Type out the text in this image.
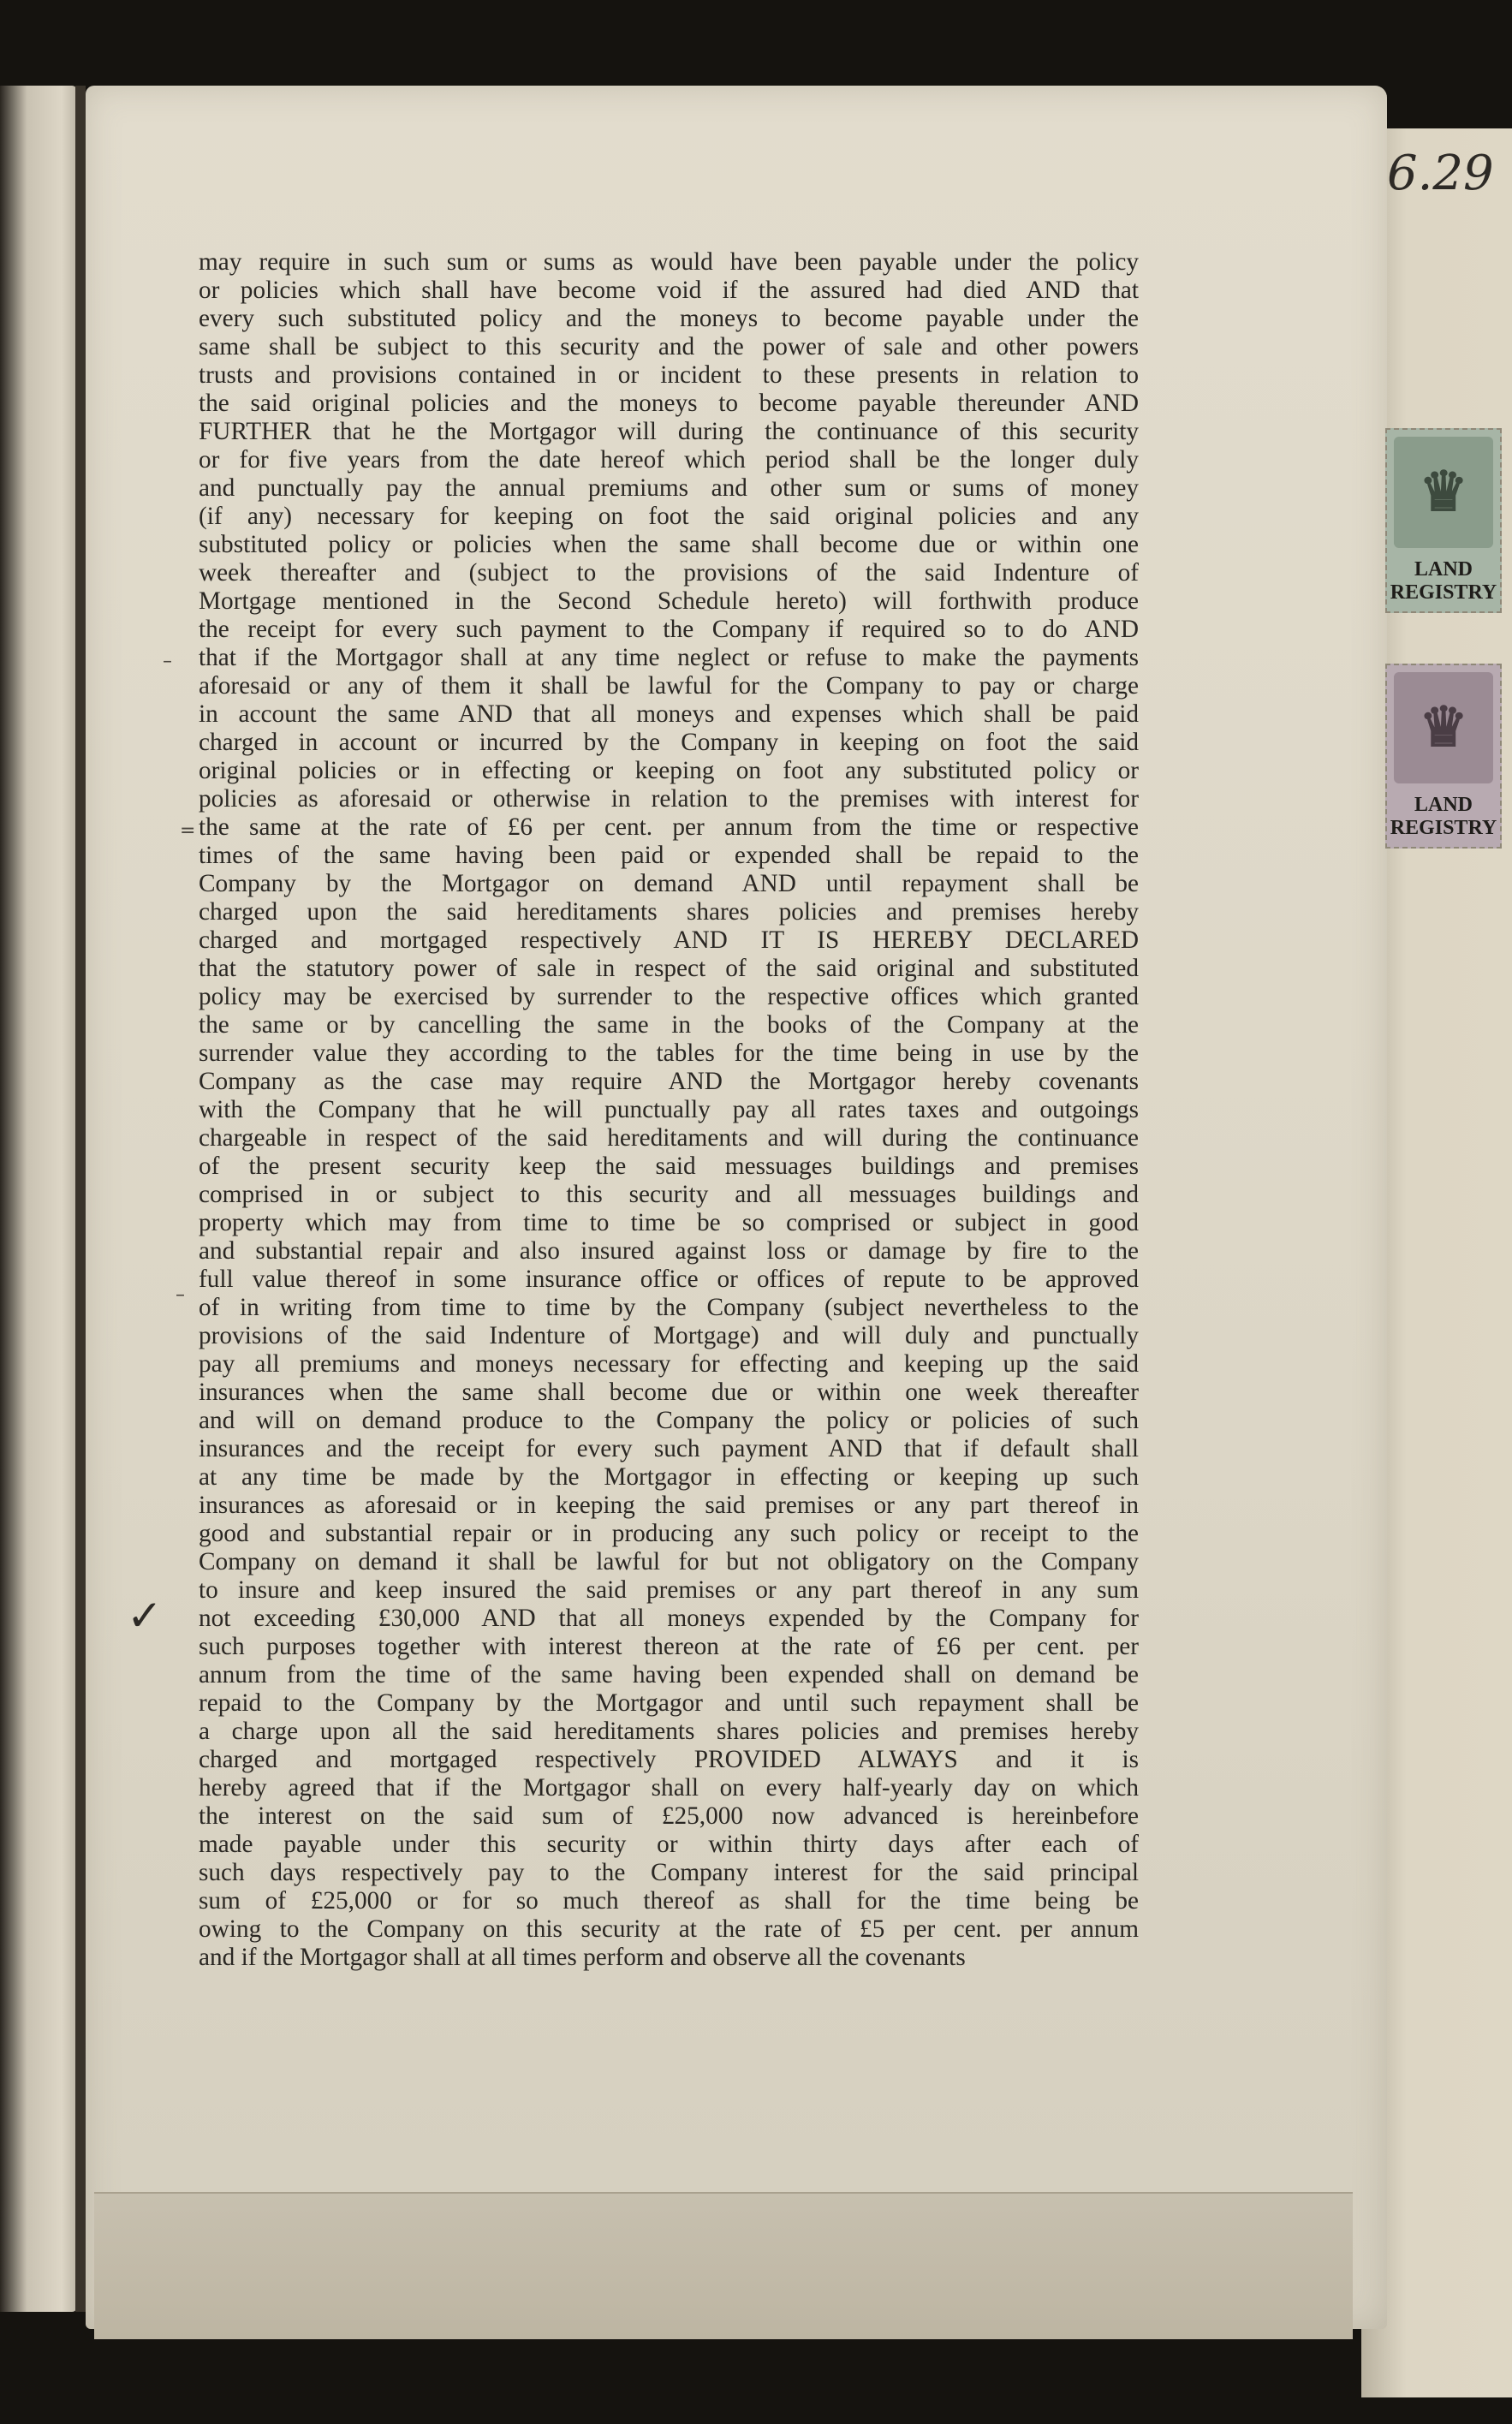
6.29
♛
LAND REGISTRY
♛
LAND REGISTRY
–
=
–
✓
may require in such sum or sums as would have been payable under the policy
or policies which shall have become void if the assured had died AND that
every such substituted policy and the moneys to become payable under the
same shall be subject to this security and the power of sale and other powers
trusts and provisions contained in or incident to these presents in relation to
the said original policies and the moneys to become payable thereunder AND
FURTHER that he the Mortgagor will during the continuance of this security
or for five years from the date hereof which period shall be the longer duly
and punctually pay the annual premiums and other sum or sums of money
(if any) necessary for keeping on foot the said original policies and any
substituted policy or policies when the same shall become due or within one
week thereafter and (subject to the provisions of the said Indenture of
Mortgage mentioned in the Second Schedule hereto) will forthwith produce
the receipt for every such payment to the Company if required so to do AND
that if the Mortgagor shall at any time neglect or refuse to make the payments
aforesaid or any of them it shall be lawful for the Company to pay or charge
in account the same AND that all moneys and expenses which shall be paid
charged in account or incurred by the Company in keeping on foot the said
original policies or in effecting or keeping on foot any substituted policy or
policies as aforesaid or otherwise in relation to the premises with interest for
the same at the rate of £6 per cent. per annum from the time or respective
times of the same having been paid or expended shall be repaid to the
Company by the Mortgagor on demand AND until repayment shall be
charged upon the said hereditaments shares policies and premises hereby
charged and mortgaged respectively AND IT IS HEREBY DECLARED
that the statutory power of sale in respect of the said original and substituted
policy may be exercised by surrender to the respective offices which granted
the same or by cancelling the same in the books of the Company at the
surrender value they according to the tables for the time being in use by the
Company as the case may require AND the Mortgagor hereby covenants
with the Company that he will punctually pay all rates taxes and outgoings
chargeable in respect of the said hereditaments and will during the continuance
of the present security keep the said messuages buildings and premises
comprised in or subject to this security and all messuages buildings and
property which may from time to time be so comprised or subject in good
and substantial repair and also insured against loss or damage by fire to the
full value thereof in some insurance office or offices of repute to be approved
of in writing from time to time by the Company (subject nevertheless to the
provisions of the said Indenture of Mortgage) and will duly and punctually
pay all premiums and moneys necessary for effecting and keeping up the said
insurances when the same shall become due or within one week thereafter
and will on demand produce to the Company the policy or policies of such
insurances and the receipt for every such payment AND that if default shall
at any time be made by the Mortgagor in effecting or keeping up such
insurances as aforesaid or in keeping the said premises or any part thereof in
good and substantial repair or in producing any such policy or receipt to the
Company on demand it shall be lawful for but not obligatory on the Company
to insure and keep insured the said premises or any part thereof in any sum
not exceeding £30,000 AND that all moneys expended by the Company for
such purposes together with interest thereon at the rate of £6 per cent. per
annum from the time of the same having been expended shall on demand be
repaid to the Company by the Mortgagor and until such repayment shall be
a charge upon all the said hereditaments shares policies and premises hereby
charged and mortgaged respectively PROVIDED ALWAYS and it is
hereby agreed that if the Mortgagor shall on every half-yearly day on which
the interest on the said sum of £25,000 now advanced is hereinbefore
made payable under this security or within thirty days after each of
such days respectively pay to the Company interest for the said principal
sum of £25,000 or for so much thereof as shall for the time being be
owing to the Company on this security at the rate of £5 per cent. per annum
and if the Mortgagor shall at all times perform and observe all the covenants
